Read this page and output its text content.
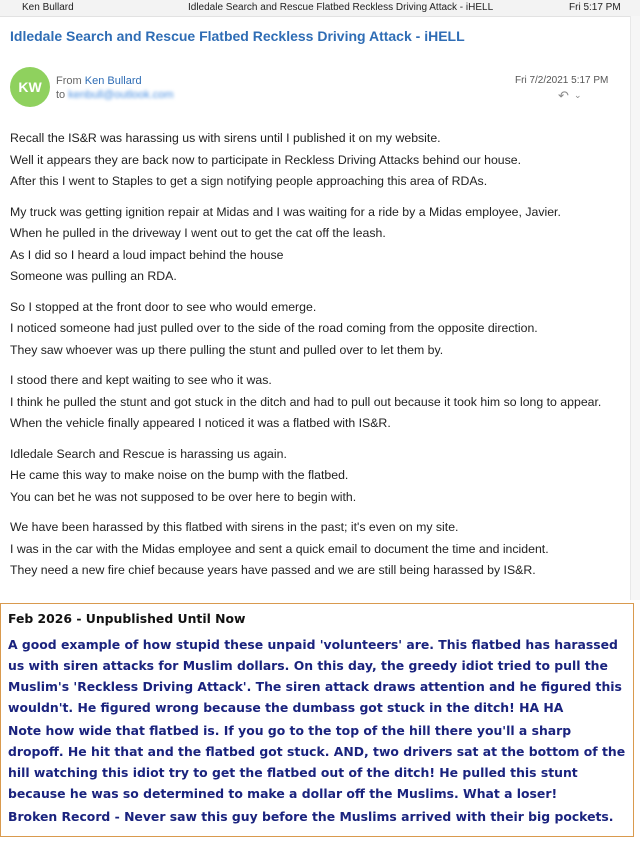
Ken Bullard	Idledale Search and Rescue Flatbed Reckless Driving Attack - iHELL	Fri 5:17 PM
Idledale Search and Rescue Flatbed Reckless Driving Attack - iHELL
KW	From Ken Bullard
to kenbull@outlook.com
Fri 7/2/2021 5:17 PM
↶ ⌄

Recall the IS&R was harassing us with sirens until I published it on my website.
Well it appears they are back now to participate in Reckless Driving Attacks behind our house.
After this I went to Staples to get a sign notifying people approaching this area of RDAs.

My truck was getting ignition repair at Midas and I was waiting for a ride by a Midas employee, Javier.
When he pulled in the driveway I went out to get the cat off the leash.
As I did so I heard a loud impact behind the house
Someone was pulling an RDA.

So I stopped at the front door to see who would emerge.
I noticed someone had just pulled over to the side of the road coming from the opposite direction.
They saw whoever was up there pulling the stunt and pulled over to let them by.

I stood there and kept waiting to see who it was.
I think he pulled the stunt and got stuck in the ditch and had to pull out because it took him so long to appear.
When the vehicle finally appeared I noticed it was a flatbed with IS&R.

Idledale Search and Rescue is harassing us again.
He came this way to make noise on the bump with the flatbed.
You can bet he was not supposed to be over here to begin with.

We have been harassed by this flatbed with sirens in the past; it's even on my site.
I was in the car with the Midas employee and sent a quick email to document the time and incident.
They need a new fire chief because years have passed and we are still being harassed by IS&R.

Feb 2026 - Unpublished Until Now

A good example of how stupid these unpaid 'volunteers' are. This flatbed has harassed us with siren attacks for Muslim dollars. On this day, the greedy idiot tried to pull the Muslim's 'Reckless Driving Attack'. The siren attack draws attention and he figured this wouldn't. He figured wrong because the dumbass got stuck in the ditch! HA HA

Note how wide that flatbed is. If you go to the top of the hill there you'll a sharp dropoff. He hit that and the flatbed got stuck. AND, two drivers sat at the bottom of the hill watching this idiot try to get the flatbed out of the ditch! He pulled this stunt because he was so determined to make a dollar off the Muslims. What a loser!

Broken Record - Never saw this guy before the Muslims arrived with their big pockets.
